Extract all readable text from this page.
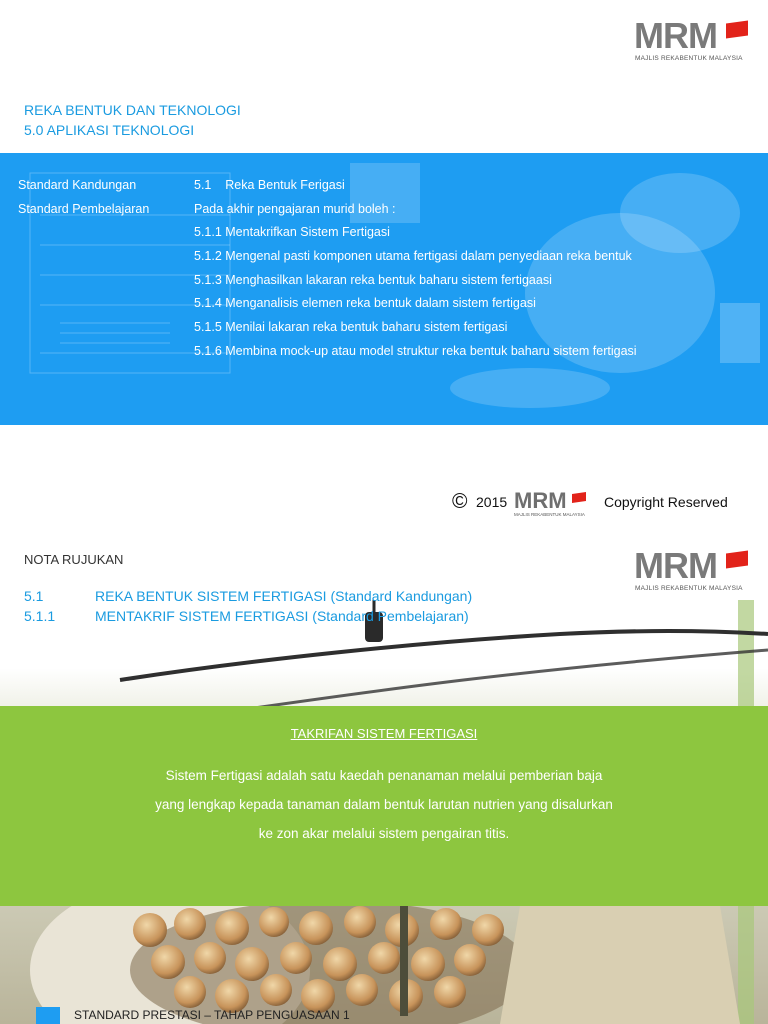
MRM
MAJLIS REKABENTUK MALAYSIA
REKA BENTUK DAN TEKNOLOGI
5.0 APLIKASI TEKNOLOGI
Standard Kandungan
Standard Pembelajaran
5.1    Reka Bentuk Ferigasi
Pada akhir pengajaran murid boleh :
5.1.1 Mentakrifkan Sistem Fertigasi
5.1.2 Mengenal pasti komponen utama fertigasi dalam penyediaan reka bentuk
5.1.3 Menghasilkan lakaran reka bentuk baharu sistem fertigaasi
5.1.4 Menganalisis elemen reka bentuk dalam sistem fertigasi
5.1.5 Menilai lakaran reka bentuk baharu sistem fertigasi
5.1.6 Membina mock-up atau model struktur reka bentuk baharu sistem fertigasi
© 2015 MRM
MAJLIS REKABENTUK MALAYSIA
Copyright Reserved
NOTA RUJUKAN	MRM
MAJLIS REKABENTUK MALAYSIA
5.1	REKA BENTUK SISTEM FERTIGASI (Standard Kandungan)
5.1.1	MENTAKRIF SISTEM FERTIGASI (Standard Pembelajaran)
TAKRIFAN SISTEM FERTIGASI
Sistem Fertigasi adalah satu kaedah penanaman melalui pemberian baja
yang lengkap kepada tanaman dalam bentuk larutan nutrien yang disalurkan
ke zon akar melalui sistem pengairan titis.
STANDARD PRESTASI – TAHAP PENGUASAAN 1
